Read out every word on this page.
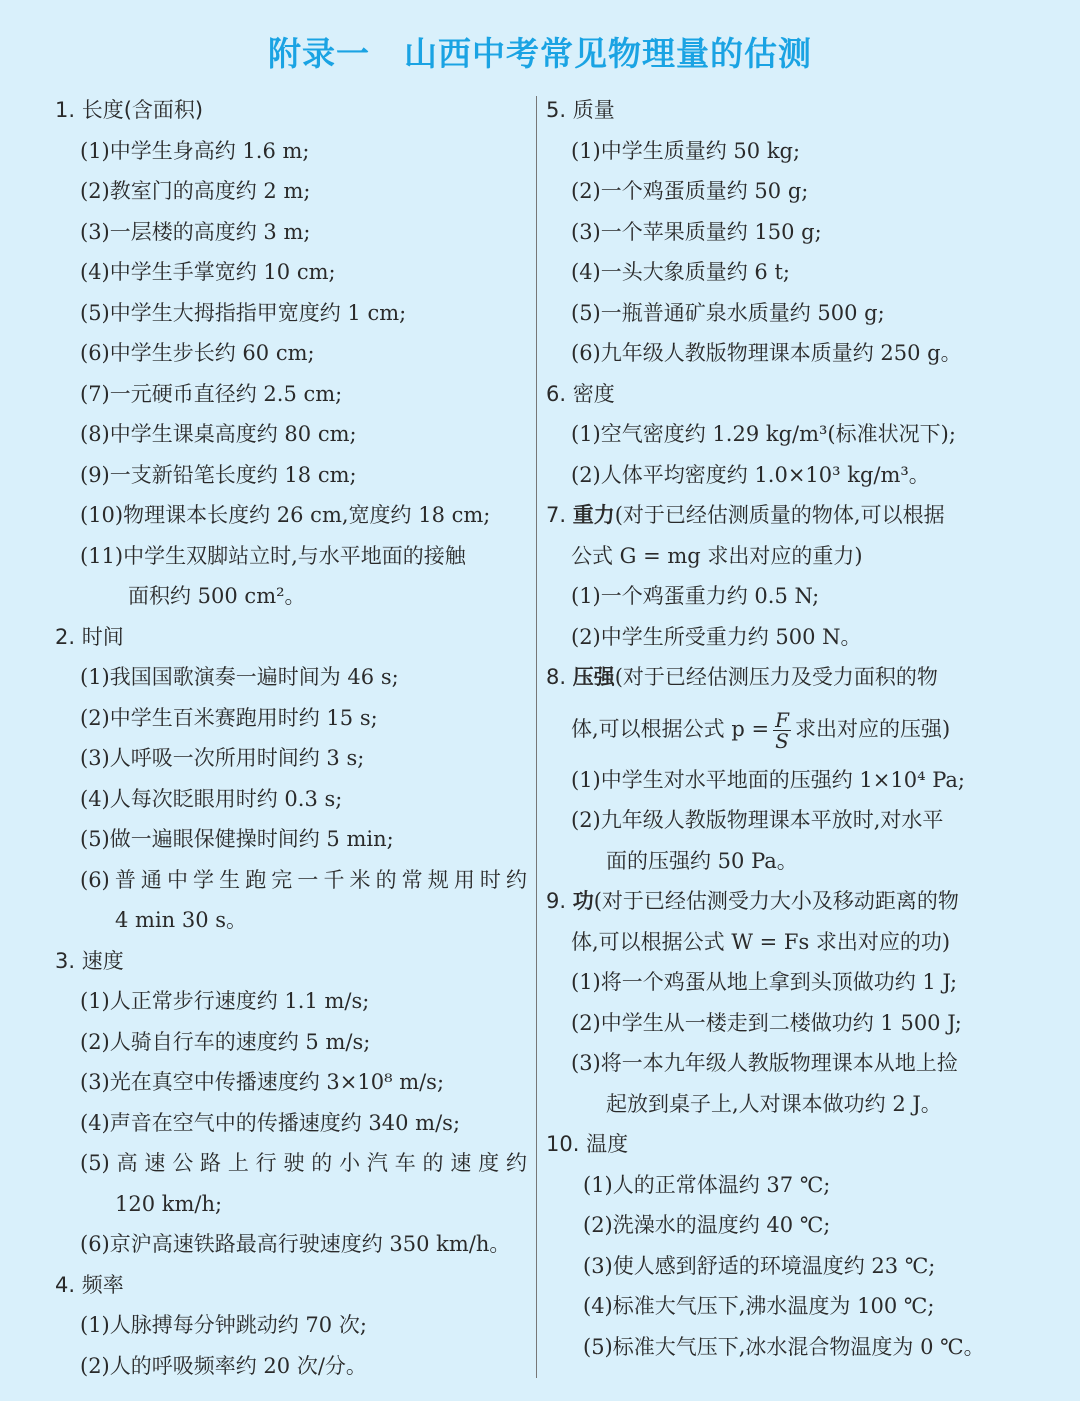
附录一 山西中考常见物理量的估测
1. 长度(含面积)
(1)中学生身高约 1.6 m;
(2)教室门的高度约 2 m;
(3)一层楼的高度约 3 m;
(4)中学生手掌宽约 10 cm;
(5)中学生大拇指指甲宽度约 1 cm;
(6)中学生步长约 60 cm;
(7)一元硬币直径约 2.5 cm;
(8)中学生课桌高度约 80 cm;
(9)一支新铅笔长度约 18 cm;
(10)物理课本长度约 26 cm,宽度约 18 cm;
(11)中学生双脚站立时,与水平地面的接触
面积约 500 cm²。
2. 时间
(1)我国国歌演奏一遍时间为 46 s;
(2)中学生百米赛跑用时约 15 s;
(3)人呼吸一次所用时间约 3 s;
(4)人每次眨眼用时约 0.3 s;
(5)做一遍眼保健操时间约 5 min;
(6)普通中学生跑完一千米的常规用时约
4 min 30 s。
3. 速度
(1)人正常步行速度约 1.1 m/s;
(2)人骑自行车的速度约 5 m/s;
(3)光在真空中传播速度约 3×10⁸ m/s;
(4)声音在空气中的传播速度约 340 m/s;
(5)高速公路上行驶的小汽车的速度约
120 km/h;
(6)京沪高速铁路最高行驶速度约 350 km/h。
4. 频率
(1)人脉搏每分钟跳动约 70 次;
(2)人的呼吸频率约 20 次/分。
5. 质量
(1)中学生质量约 50 kg;
(2)一个鸡蛋质量约 50 g;
(3)一个苹果质量约 150 g;
(4)一头大象质量约 6 t;
(5)一瓶普通矿泉水质量约 500 g;
(6)九年级人教版物理课本质量约 250 g。
6. 密度
(1)空气密度约 1.29 kg/m³(标准状况下);
(2)人体平均密度约 1.0×10³ kg/m³。
7. 重力(对于已经估测质量的物体,可以根据
公式 G = mg 求出对应的重力)
(1)一个鸡蛋重力约 0.5 N;
(2)中学生所受重力约 500 N。
8. 压强(对于已经估测压力及受力面积的物
体,可以根据公式 $p = \frac{F}{S}$ 求出对应的压强)
(1)中学生对水平地面的压强约 1×10⁴ Pa;
(2)九年级人教版物理课本平放时,对水平
面的压强约 50 Pa。
9. 功(对于已经估测受力大小及移动距离的物
体,可以根据公式 W = Fs 求出对应的功)
(1)将一个鸡蛋从地上拿到头顶做功约 1 J;
(2)中学生从一楼走到二楼做功约 1 500 J;
(3)将一本九年级人教版物理课本从地上捡
起放到桌子上,人对课本做功约 2 J。
10. 温度
(1)人的正常体温约 37 ℃;
(2)洗澡水的温度约 40 ℃;
(3)使人感到舒适的环境温度约 23 ℃;
(4)标准大气压下,沸水温度为 100 ℃;
(5)标准大气压下,冰水混合物温度为 0 ℃。
